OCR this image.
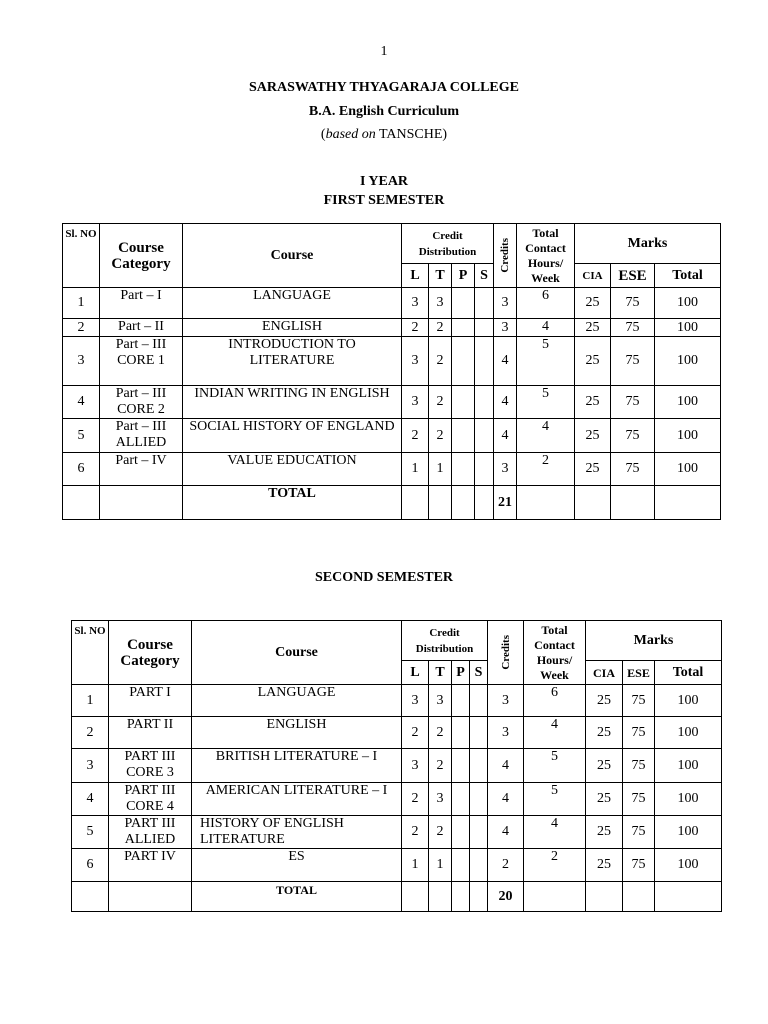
1
SARASWATHY THYAGARAJA COLLEGE
B.A. English Curriculum
(based on TANSCHE)
I YEAR
FIRST SEMESTER
Sl. NO	Course Category	Course	Credit Distribution				Credits	Total Contact Hours/ Week	Marks		
			L	T	P	S			CIA	ESE	Total
1	Part – I	LANGUAGE	3	3			3	6	25	75	100
2	Part – II	ENGLISH	2	2			3	4	25	75	100
3	Part – III CORE 1	INTRODUCTION TO LITERATURE	3	2			4	5	25	75	100
4	Part – III CORE 2	INDIAN WRITING IN ENGLISH	3	2			4	5	25	75	100
5	Part – III ALLIED	SOCIAL HISTORY OF ENGLAND	2	2			4	4	25	75	100
6	Part – IV	VALUE EDUCATION	1	1			3	2	25	75	100
		TOTAL					21				
SECOND SEMESTER
Sl. NO	Course Category	Course	Credit Distribution				Credits	Total Contact Hours/ Week	Marks		
			L	T	P	S			CIA	ESE	Total
1	PART I	LANGUAGE	3	3			3	6	25	75	100
2	PART II	ENGLISH	2	2			3	4	25	75	100
3	PART III CORE 3	BRITISH LITERATURE – I	3	2			4	5	25	75	100
4	PART III CORE 4	AMERICAN LITERATURE – I	2	3			4	5	25	75	100
5	PART III ALLIED	HISTORY OF ENGLISH LITERATURE	2	2			4	4	25	75	100
6	PART IV	ES	1	1			2	2	25	75	100
		TOTAL					20				
